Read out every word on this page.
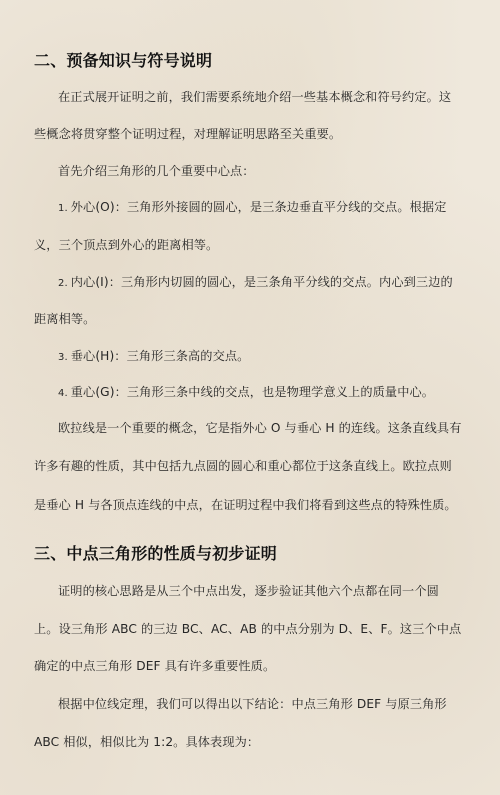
二、预备知识与符号说明
在正式展开证明之前，我们需要系统地介绍一些基本概念和符号约定。这
些概念将贯穿整个证明过程，对理解证明思路至关重要。
首先介绍三角形的几个重要中心点：
1. 外心(O)：三角形外接圆的圆心，是三条边垂直平分线的交点。根据定
义，三个顶点到外心的距离相等。
2. 内心(I)：三角形内切圆的圆心，是三条角平分线的交点。内心到三边的
距离相等。
3. 垂心(H)：三角形三条高的交点。
4. 重心(G)：三角形三条中线的交点，也是物理学意义上的质量中心。
欧拉线是一个重要的概念，它是指外心 O 与垂心 H 的连线。这条直线具有
许多有趣的性质，其中包括九点圆的圆心和重心都位于这条直线上。欧拉点则
是垂心 H 与各顶点连线的中点，在证明过程中我们将看到这些点的特殊性质。
三、中点三角形的性质与初步证明
证明的核心思路是从三个中点出发，逐步验证其他六个点都在同一个圆
上。设三角形 ABC 的三边 BC、AC、AB 的中点分别为 D、E、F。这三个中点
确定的中点三角形 DEF 具有许多重要性质。
根据中位线定理，我们可以得出以下结论：中点三角形 DEF 与原三角形
ABC 相似，相似比为 1:2。具体表现为：
